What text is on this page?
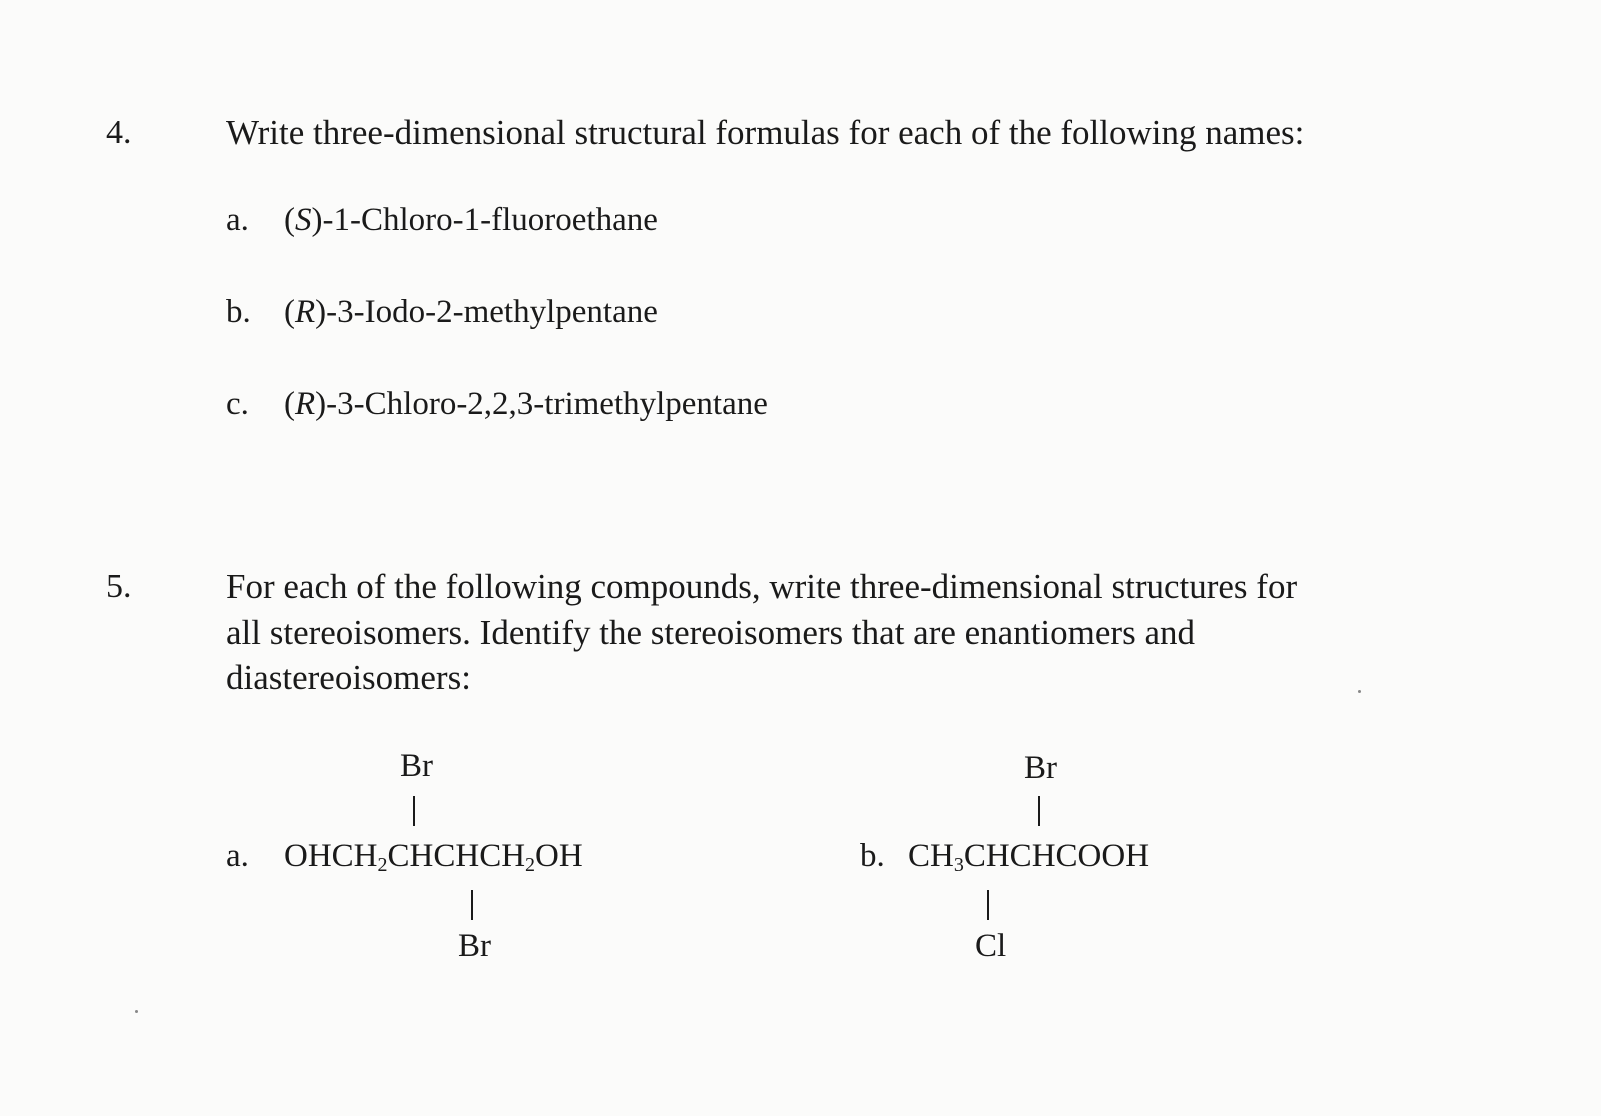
4.	Write three-dimensional structural formulas for each of the following names:
a. (S)-1-Chloro-1-fluoroethane
b. (R)-3-Iodo-2-methylpentane
c. (R)-3-Chloro-2,2,3-trimethylpentane
5.	For each of the following compounds, write three-dimensional structures for
all stereoisomers. Identify the stereoisomers that are enantiomers and
diastereoisomers:
Br
a. $OHCH_2CHCHCH_2OH$
Br
Br
b. $CH_3CHCHCOOH$
Cl
